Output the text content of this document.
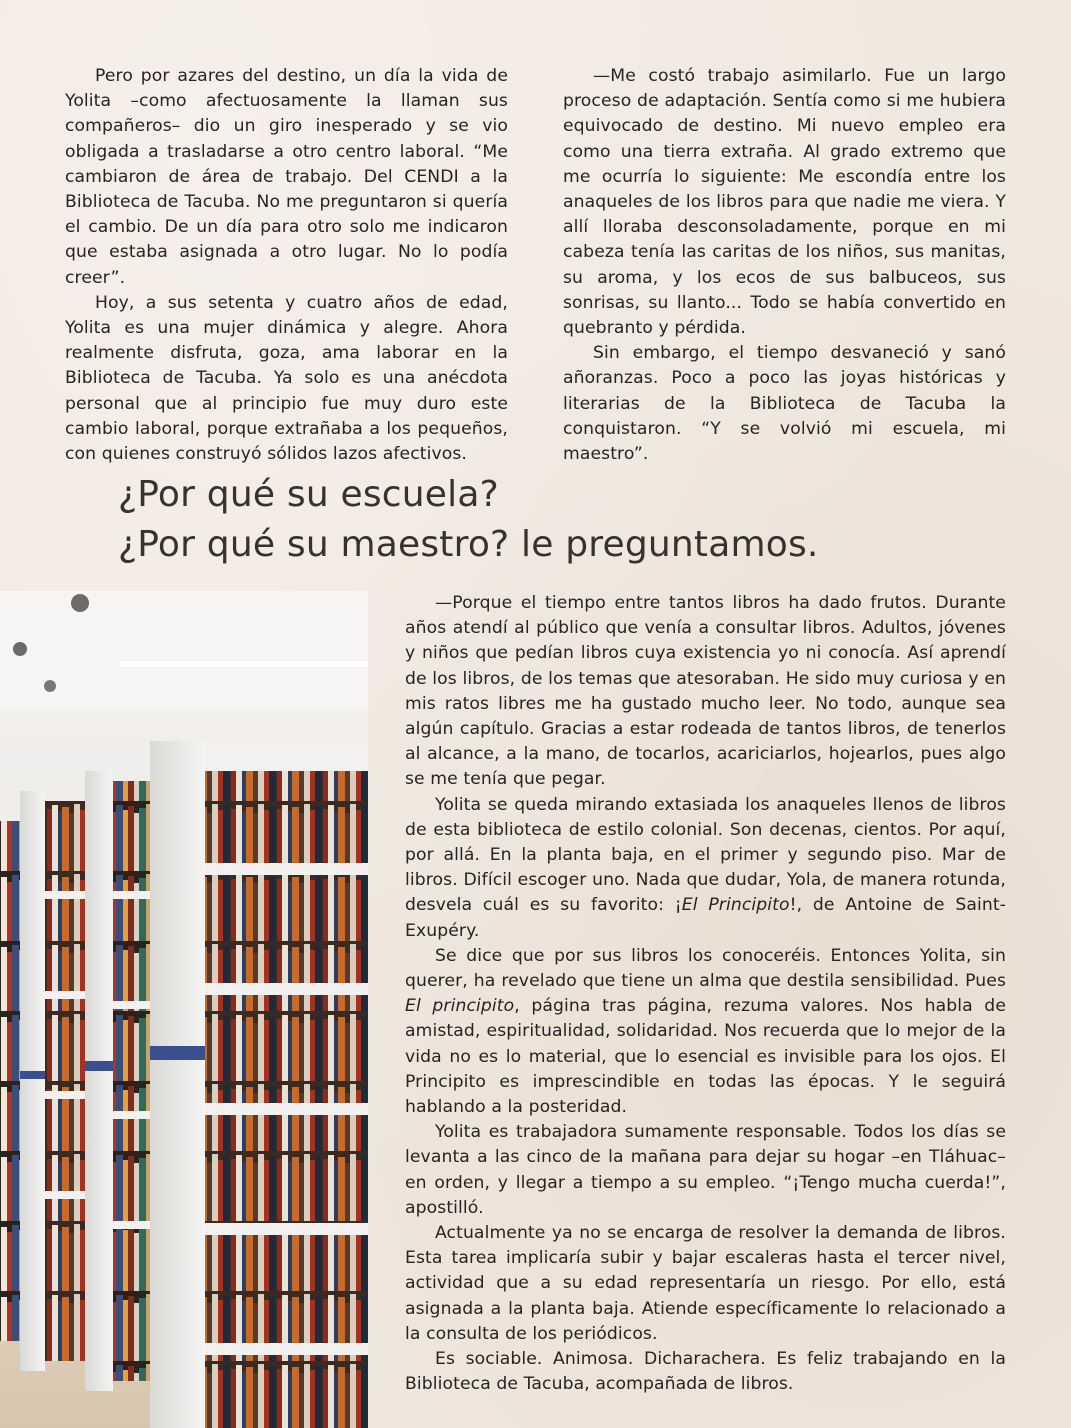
Pero por azares del destino, un día la vida de Yolita –como afectuosamente la llaman sus compañeros– dio un giro inesperado y se vio obligada a trasladarse a otro centro laboral. “Me cambiaron de área de trabajo. Del CENDI a la Biblioteca de Tacuba. No me preguntaron si quería el cambio. De un día para otro solo me indicaron que estaba asignada a otro lugar. No lo podía creer”.

Hoy, a sus setenta y cuatro años de edad, Yolita es una mujer dinámica y alegre. Ahora realmente disfruta, goza, ama laborar en la Biblioteca de Tacuba. Ya solo es una anécdota personal que al principio fue muy duro este cambio laboral, porque extrañaba a los pequeños, con quienes construyó sólidos lazos afectivos.

—Me costó trabajo asimilarlo. Fue un largo proceso de adaptación. Sentía como si me hubiera equivocado de destino. Mi nuevo empleo era como una tierra extraña. Al grado extremo que me ocurría lo siguiente: Me escondía entre los anaqueles de los libros para que nadie me viera. Y allí lloraba desconsoladamente, porque en mi cabeza tenía las caritas de los niños, sus manitas, su aroma, y los ecos de sus balbuceos, sus sonrisas, su llanto... Todo se había convertido en quebranto y pérdida.

Sin embargo, el tiempo desvaneció y sanó añoranzas. Poco a poco las joyas históricas y literarias de la Biblioteca de Tacuba la conquistaron. “Y se volvió mi escuela, mi maestro”.

¿Por qué su escuela?
¿Por qué su maestro? le preguntamos.

—Porque el tiempo entre tantos libros ha dado frutos. Durante años atendí al público que venía a consultar libros. Adultos, jóvenes y niños que pedían libros cuya existencia yo ni conocía. Así aprendí de los libros, de los temas que atesoraban. He sido muy curiosa y en mis ratos libres me ha gustado mucho leer. No todo, aunque sea algún capítulo. Gracias a estar rodeada de tantos libros, de tenerlos al alcance, a la mano, de tocarlos, acariciarlos, hojearlos, pues algo se me tenía que pegar.

Yolita se queda mirando extasiada los anaqueles llenos de libros de esta biblioteca de estilo colonial. Son decenas, cientos. Por aquí, por allá. En la planta baja, en el primer y segundo piso. Mar de libros. Difícil escoger uno. Nada que dudar, Yola, de manera rotunda, desvela cuál es su favorito: ¡El Principito!, de Antoine de Saint-Exupéry.

Se dice que por sus libros los conoceréis. Entonces Yolita, sin querer, ha revelado que tiene un alma que destila sensibilidad. Pues El principito, página tras página, rezuma valores. Nos habla de amistad, espiritualidad, solidaridad. Nos recuerda que lo mejor de la vida no es lo material, que lo esencial es invisible para los ojos. El Principito es imprescindible en todas las épocas. Y le seguirá hablando a la posteridad.

Yolita es trabajadora sumamente responsable. Todos los días se levanta a las cinco de la mañana para dejar su hogar –en Tláhuac– en orden, y llegar a tiempo a su empleo. “¡Tengo mucha cuerda!”, apostilló.

Actualmente ya no se encarga de resolver la demanda de libros. Esta tarea implicaría subir y bajar escaleras hasta el tercer nivel, actividad que a su edad representaría un riesgo. Por ello, está asignada a la planta baja. Atiende específicamente lo relacionado a la consulta de los periódicos.

Es sociable. Animosa. Dicharachera. Es feliz trabajando en la Biblioteca de Tacuba, acompañada de libros.
